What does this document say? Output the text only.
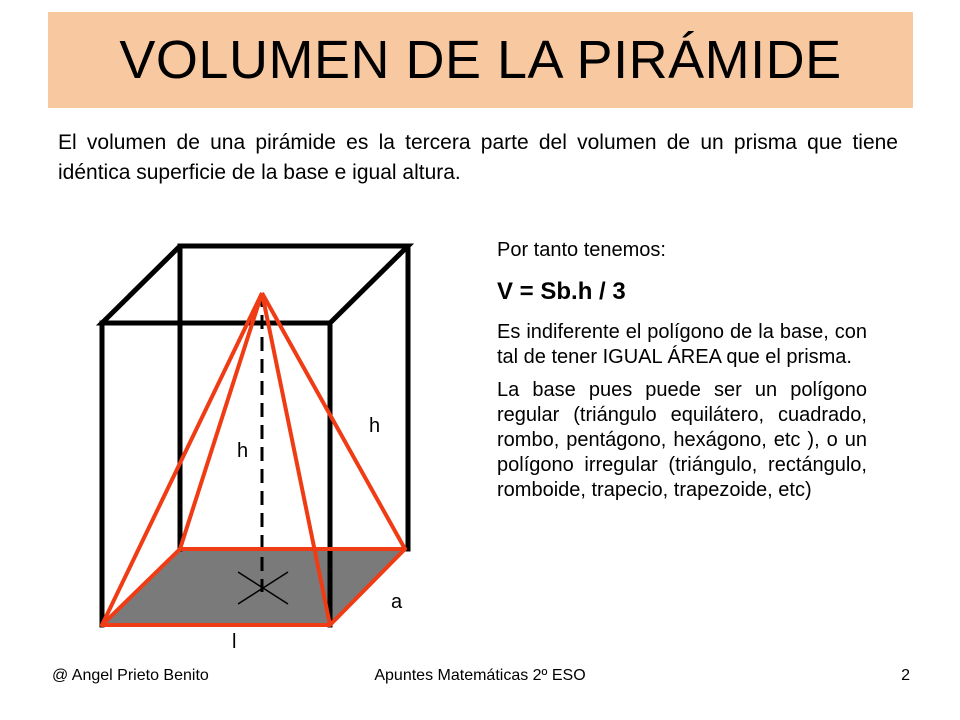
VOLUMEN DE LA PIRÁMIDE

El volumen de una pirámide es la tercera parte del volumen de un prisma que tiene idéntica superficie de la base e igual altura.

h
h
a
l

Por tanto tenemos:

V = Sb.h / 3

Es indiferente el polígono de la base, con tal de tener IGUAL ÁREA que el prisma.

La base pues puede ser un polígono regular (triángulo equilátero, cuadrado, rombo, pentágono, hexágono, etc ), o un polígono irregular (triángulo, rectángulo, romboide, trapecio, trapezoide, etc)

@ Angel Prieto Benito	Apuntes Matemáticas 2º ESO	2
